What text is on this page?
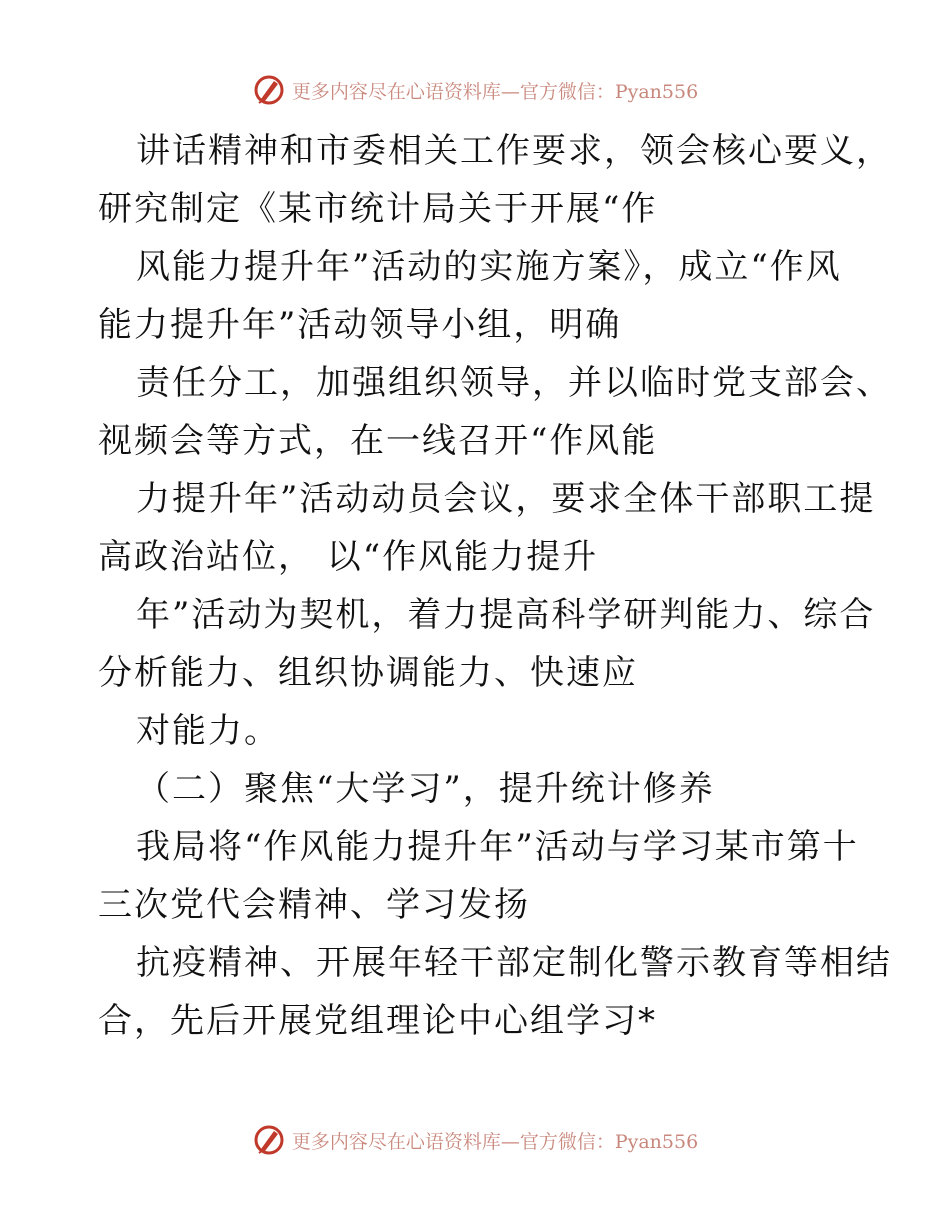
更多内容尽在心语资料库—官方微信：Pyan556
讲话精神和市委相关工作要求，领会核心要义，
研究制定《某市统计局关于开展“作
风能力提升年”活动的实施方案》，成立“作风
能力提升年”活动领导小组，明确
责任分工，加强组织领导，并以临时党支部会、
视频会等方式，在一线召开“作风能
力提升年”活动动员会议，要求全体干部职工提
高政治站位， 以“作风能力提升
年”活动为契机，着力提高科学研判能力、综合
分析能力、组织协调能力、快速应
对能力。
（二）聚焦“大学习”，提升统计修养
我局将“作风能力提升年”活动与学习某市第十
三次党代会精神、学习发扬
抗疫精神、开展年轻干部定制化警示教育等相结
合，先后开展党组理论中心组学习*
更多内容尽在心语资料库—官方微信：Pyan556
